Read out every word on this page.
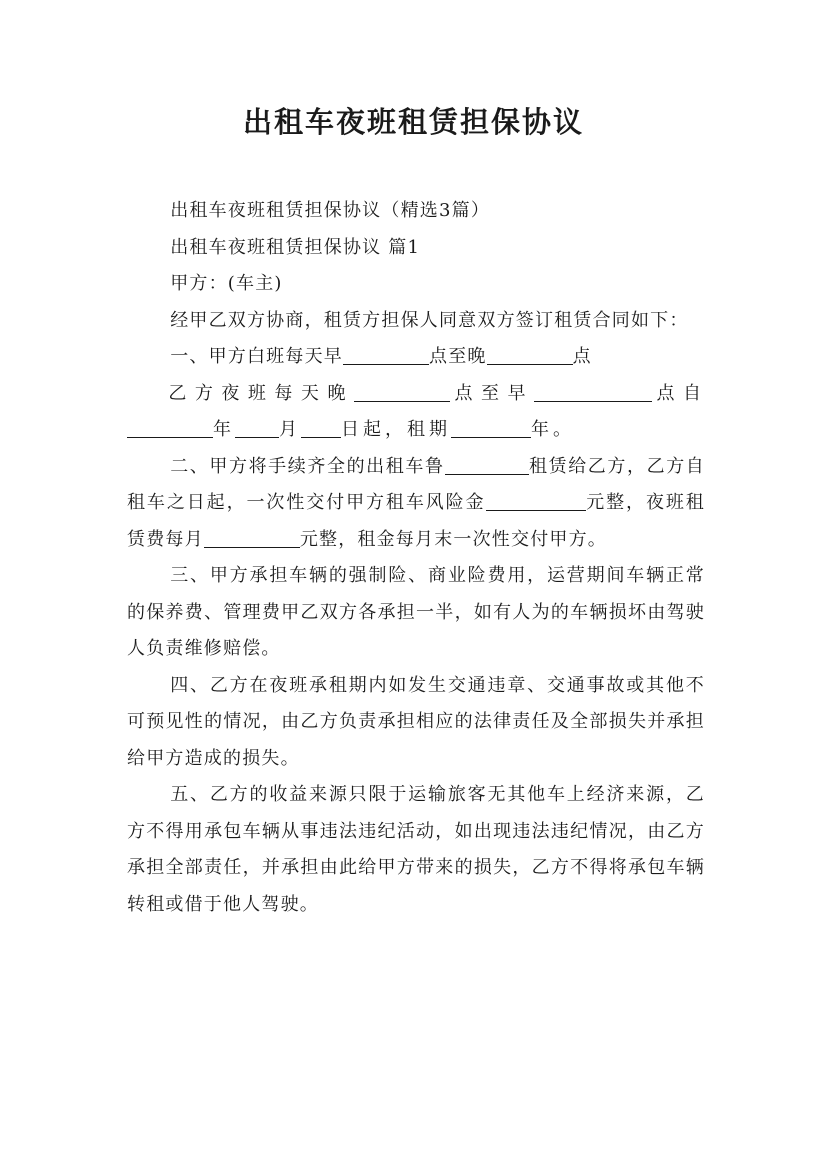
出租车夜班租赁担保协议

出租车夜班租赁担保协议（精选3篇）

出租车夜班租赁担保协议 篇1

甲方：(车主)

经甲乙双方协商，租赁方担保人同意双方签订租赁合同如下：

一、甲方白班每天早	点至晚	点

乙方夜班每天晚	点至早	点自年 月 日起，租期	年。

二、甲方将手续齐全的出租车鲁	租赁给乙方，乙方自租车之日起，一次性交付甲方租车风险金	元整，夜班租赁费每月	元整，租金每月末一次性交付甲方。

三、甲方承担车辆的强制险、商业险费用，运营期间车辆正常的保养费、管理费甲乙双方各承担一半，如有人为的车辆损坏由驾驶人负责维修赔偿。

四、乙方在夜班承租期内如发生交通违章、交通事故或其他不可预见性的情况，由乙方负责承担相应的法律责任及全部损失并承担给甲方造成的损失。

五、乙方的收益来源只限于运输旅客无其他车上经济来源，乙方不得用承包车辆从事违法违纪活动，如出现违法违纪情况，由乙方承担全部责任，并承担由此给甲方带来的损失，乙方不得将承包车辆转租或借于他人驾驶。
